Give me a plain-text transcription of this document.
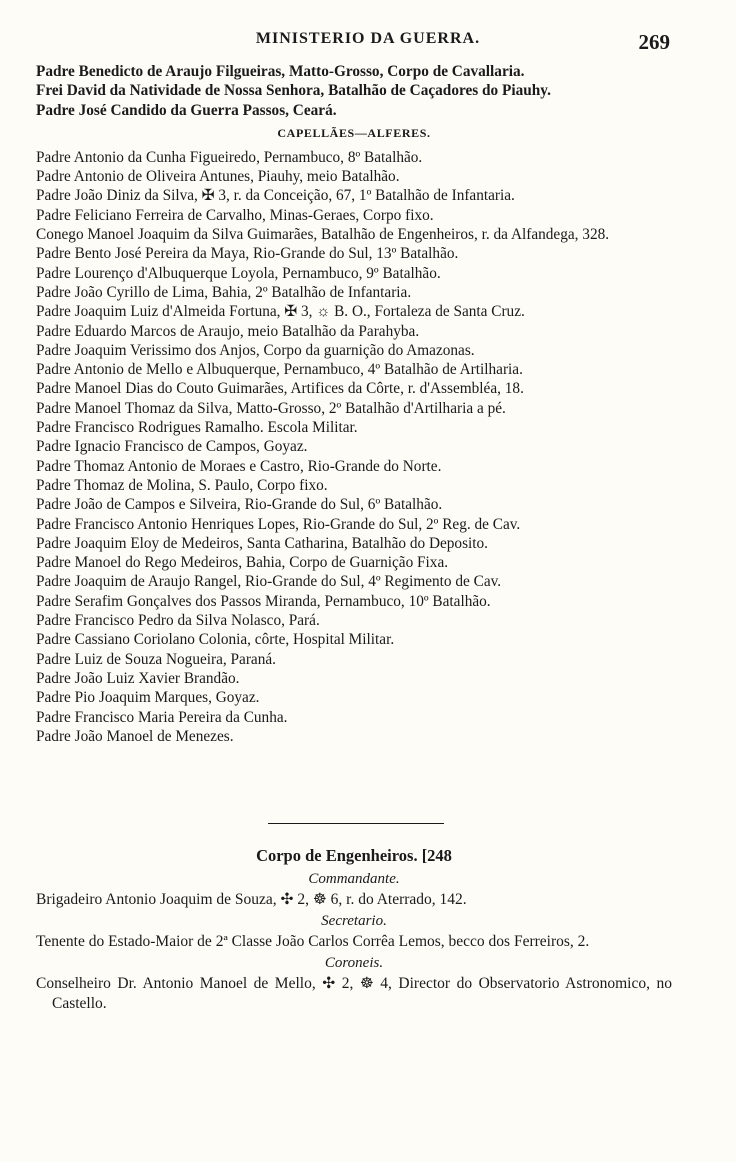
MINISTERIO DA GUERRA.	269
Padre Benedicto de Araujo Filgueiras, Matto-Grosso, Corpo de Cavallaria.
Frei David da Natividade de Nossa Senhora, Batalhão de Caçadores do Piauhy.
Padre José Candido da Guerra Passos, Ceará.
CAPELLÃES—ALFERES.
Padre Antonio da Cunha Figueiredo, Pernambuco, 8º Batalhão.
Padre Antonio de Oliveira Antunes, Piauhy, meio Batalhão.
Padre João Diniz da Silva, ✠ 3, r. da Conceição, 67, 1º Batalhão de Infantaria.
Padre Feliciano Ferreira de Carvalho, Minas-Geraes, Corpo fixo.
Conego Manoel Joaquim da Silva Guimarães, Batalhão de Engenheiros, r. da Alfandega, 328.
Padre Bento José Pereira da Maya, Rio-Grande do Sul, 13º Batalhão.
Padre Lourenço d'Albuquerque Loyola, Pernambuco, 9º Batalhão.
Padre João Cyrillo de Lima, Bahia, 2º Batalhão de Infantaria.
Padre Joaquim Luiz d'Almeida Fortuna, ✠ 3, ☼ B. O., Fortaleza de Santa Cruz.
Padre Eduardo Marcos de Araujo, meio Batalhão da Parahyba.
Padre Joaquim Verissimo dos Anjos, Corpo da guarnição do Amazonas.
Padre Antonio de Mello e Albuquerque, Pernambuco, 4º Batalhão de Artilharia.
Padre Manoel Dias do Couto Guimarães, Artifices da Côrte, r. d'Assembléa, 18.
Padre Manoel Thomaz da Silva, Matto-Grosso, 2º Batalhão d'Artilharia a pé.
Padre Francisco Rodrigues Ramalho. Escola Militar.
Padre Ignacio Francisco de Campos, Goyaz.
Padre Thomaz Antonio de Moraes e Castro, Rio-Grande do Norte.
Padre Thomaz de Molina, S. Paulo, Corpo fixo.
Padre João de Campos e Silveira, Rio-Grande do Sul, 6º Batalhão.
Padre Francisco Antonio Henriques Lopes, Rio-Grande do Sul, 2º Reg. de Cav.
Padre Joaquim Eloy de Medeiros, Santa Catharina, Batalhão do Deposito.
Padre Manoel do Rego Medeiros, Bahia, Corpo de Guarnição Fixa.
Padre Joaquim de Araujo Rangel, Rio-Grande do Sul, 4º Regimento de Cav.
Padre Serafim Gonçalves dos Passos Miranda, Pernambuco, 10º Batalhão.
Padre Francisco Pedro da Silva Nolasco, Pará.
Padre Cassiano Coriolano Colonia, côrte, Hospital Militar.
Padre Luiz de Souza Nogueira, Paraná.
Padre João Luiz Xavier Brandão.
Padre Pio Joaquim Marques, Goyaz.
Padre Francisco Maria Pereira da Cunha.
Padre João Manoel de Menezes.
Corpo de Engenheiros. [248
Commandante.
Brigadeiro Antonio Joaquim de Souza, ✣ 2, ☸ 6, r. do Aterrado, 142.
Secretario.
Tenente do Estado-Maior de 2ª Classe João Carlos Corrêa Lemos, becco dos Ferreiros, 2.
Coroneis.
Conselheiro Dr. Antonio Manoel de Mello, ✣ 2, ☸ 4, Director do Observatorio Astronomico, no Castello.
